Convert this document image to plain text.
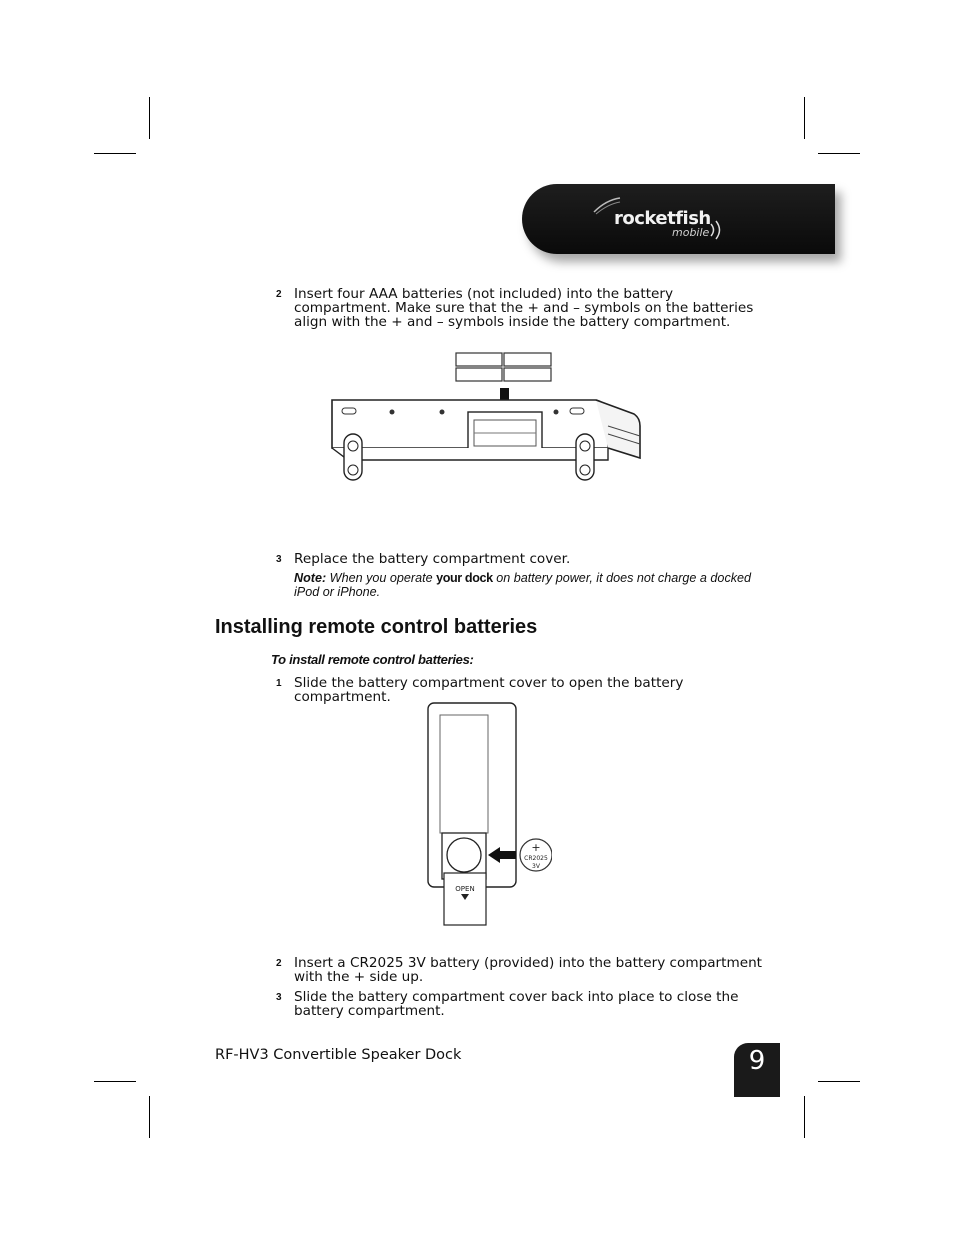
rocketfish
mobile
2 Insert four AAA batteries (not included) into the battery compartment. Make sure that the + and – symbols on the batteries align with the + and – symbols inside the battery compartment.
3 Replace the battery compartment cover.
Note: When you operate your dock on battery power, it does not charge a docked iPod or iPhone.
Installing remote control batteries
To install remote control batteries:
1 Slide the battery compartment cover to open the battery compartment.
OPEN
+
CR2025
3V
2 Insert a CR2025 3V battery (provided) into the battery compartment with the + side up.
3 Slide the battery compartment cover back into place to close the battery compartment.
RF-HV3 Convertible Speaker Dock	9
